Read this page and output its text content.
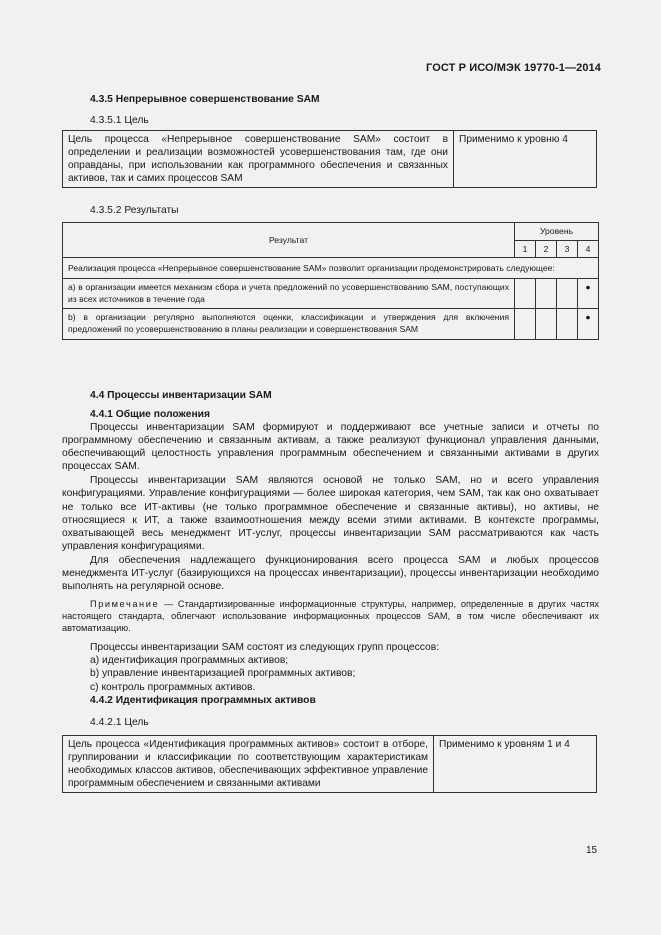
ГОСТ Р ИСО/МЭК 19770-1—2014
4.3.5 Непрерывное совершенствование SAM
4.3.5.1 Цель
Цель процесса «Непрерывное совершенствование SAM» состоит в определении и реализации возможностей усовершенствования там, где они оправданы, при использовании как программного обеспечения и связанных активов, так и самих процессов SAM	Применимо к уровню 4
4.3.5.2 Результаты
Результат	Уровень			
	1	2	3	4
Реализация процесса «Непрерывное совершенствование SAM» позволит организации продемонстрировать следующее:				
а) в организации имеется механизм сбора и учета предложений по усовершенствованию SAM, поступающих из всех источников в течение года				●
b) в организации регулярно выполняются оценки, классификации и утверждения для включения предложений по усовершенствованию в планы реализации и совершенствования SAM				●
4.4 Процессы инвентаризации SAM
4.4.1 Общие положения

Процессы инвентаризации SAM формируют и поддерживают все учетные записи и отчеты по программному обеспечению и связанным активам, а также реализуют функционал управления данными, обеспечивающий целостность управления программным обеспечением и связанными активами в других процессах SAM.

Процессы инвентаризации SAM являются основой не только SAM, но и всего управления конфигурациями. Управление конфигурациями — более широкая категория, чем SAM, так как оно охватывает не только все ИТ-активы (не только программное обеспечение и связанные активы), но активы, не относящиеся к ИТ, а также взаимоотношения между всеми этими активами. В контексте программы, охватывающей весь менеджмент ИТ-услуг, процессы инвентаризации SAM рассматриваются как часть управления конфигурациями.

Для обеспечения надлежащего функционирования всего процесса SAM и любых процессов менеджмента ИТ-услуг (базирующихся на процессах инвентаризации), процессы инвентаризации необходимо выполнять на регулярной основе.

Примечание — Стандартизированные информационные структуры, например, определенные в других частях настоящего стандарта, облегчают использование информационных процессов SAM, в том числе обеспечивают их автоматизацию.

Процессы инвентаризации SAM состоят из следующих групп процессов:

а) идентификация программных активов;

b) управление инвентаризацией программных активов;

с) контроль программных активов.

4.4.2 Идентификация программных активов

4.4.2.1 Цель
Цель процесса «Идентификация программных активов» состоит в отборе, группировании и классификации по соответствующим характеристикам необходимых классов активов, обеспечивающих эффективное управление программным обеспечением и связанными активами	Применимо к уровням 1 и 4
15
